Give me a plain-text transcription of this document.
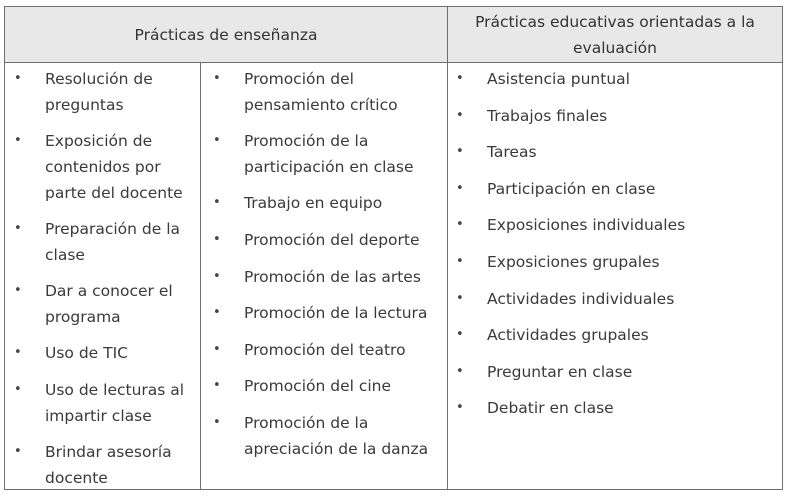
Prácticas de enseñanza
Prácticas educativas orientadas a la
evaluación
• Resolución de
preguntas
• Exposición de
contenidos por
parte del docente
• Preparación de la
clase
• Dar a conocer el
programa
• Uso de TIC
• Uso de lecturas al
impartir clase
• Brindar asesoría
docente
• Promoción del
pensamiento crítico
• Promoción de la
participación en clase
• Trabajo en equipo
• Promoción del deporte
• Promoción de las artes
• Promoción de la lectura
• Promoción del teatro
• Promoción del cine
• Promoción de la
apreciación de la danza
• Asistencia puntual
• Trabajos finales
• Tareas
• Participación en clase
• Exposiciones individuales
• Exposiciones grupales
• Actividades individuales
• Actividades grupales
• Preguntar en clase
• Debatir en clase
